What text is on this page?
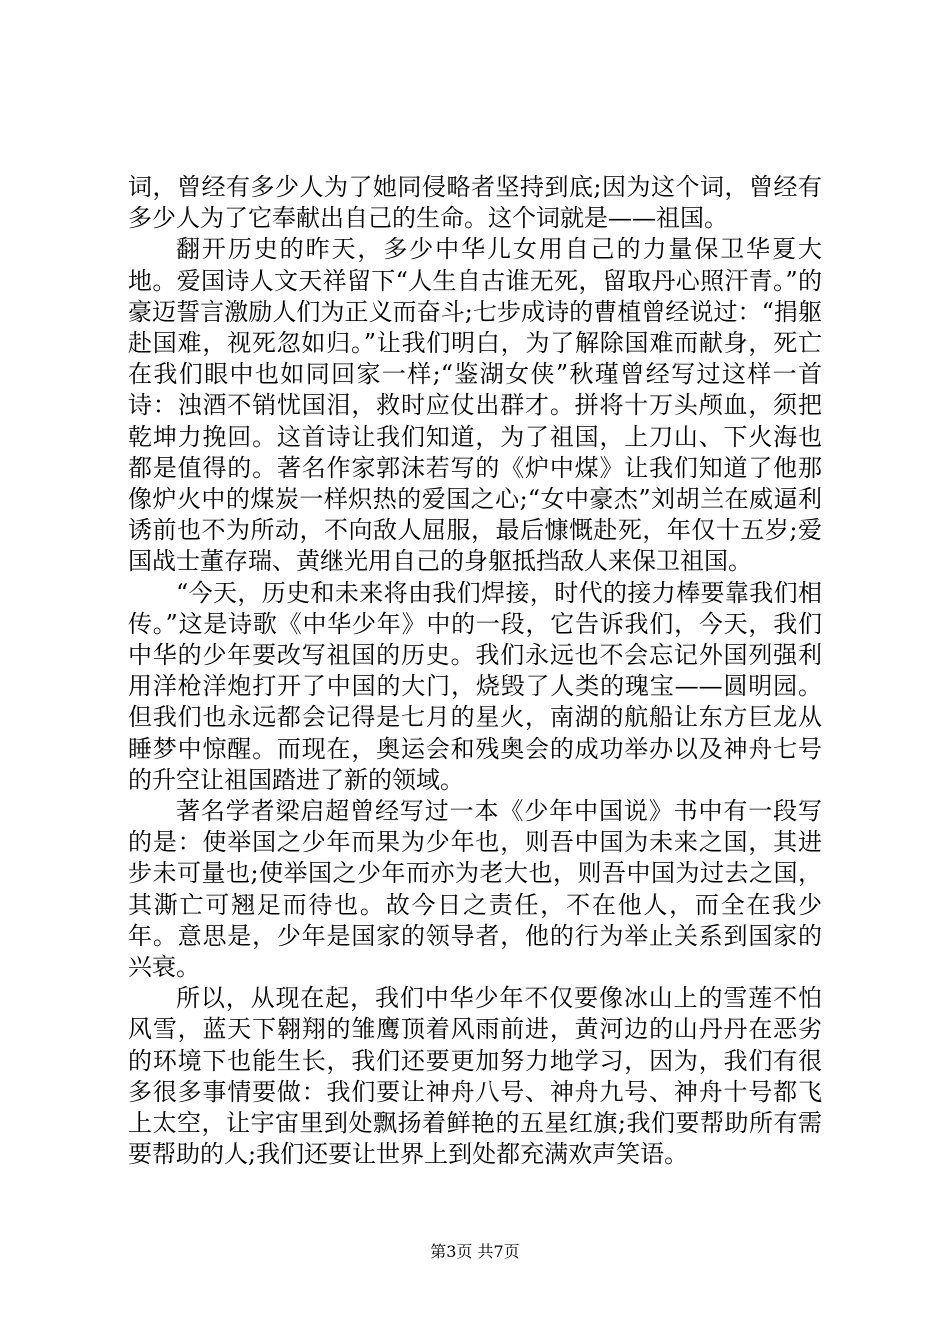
词，曾经有多少人为了她同侵略者坚持到底;因为这个词，曾经有多少人为了它奉献出自己的生命。这个词就是——祖国。

翻开历史的昨天，多少中华儿女用自己的力量保卫华夏大地。爱国诗人文天祥留下“人生自古谁无死，留取丹心照汗青。”的豪迈誓言激励人们为正义而奋斗;七步成诗的曹植曾经说过：“捐躯赴国难，视死忽如归。”让我们明白，为了解除国难而献身，死亡在我们眼中也如同回家一样;“鉴湖女侠”秋瑾曾经写过这样一首诗：浊酒不销忧国泪，救时应仗出群才。拼将十万头颅血，须把乾坤力挽回。这首诗让我们知道，为了祖国，上刀山、下火海也都是值得的。著名作家郭沫若写的《炉中煤》让我们知道了他那像炉火中的煤炭一样炽热的爱国之心;“女中豪杰”刘胡兰在威逼利诱前也不为所动，不向敌人屈服，最后慷慨赴死，年仅十五岁;爱国战士董存瑞、黄继光用自己的身躯抵挡敌人来保卫祖国。

“今天，历史和未来将由我们焊接，时代的接力棒要靠我们相传。”这是诗歌《中华少年》中的一段，它告诉我们，今天，我们中华的少年要改写祖国的历史。我们永远也不会忘记外国列强利用洋枪洋炮打开了中国的大门，烧毁了人类的瑰宝——圆明园。但我们也永远都会记得是七月的星火，南湖的航船让东方巨龙从睡梦中惊醒。而现在，奥运会和残奥会的成功举办以及神舟七号的升空让祖国踏进了新的领域。

著名学者梁启超曾经写过一本《少年中国说》书中有一段写的是：使举国之少年而果为少年也，则吾中国为未来之国，其进步未可量也;使举国之少年而亦为老大也，则吾中国为过去之国，其澌亡可翘足而待也。故今日之责任，不在他人，而全在我少年。意思是，少年是国家的领导者，他的行为举止关系到国家的兴衰。

所以，从现在起，我们中华少年不仅要像冰山上的雪莲不怕风雪，蓝天下翱翔的雏鹰顶着风雨前进，黄河边的山丹丹在恶劣的环境下也能生长，我们还要更加努力地学习，因为，我们有很多很多事情要做：我们要让神舟八号、神舟九号、神舟十号都飞上太空，让宇宙里到处飘扬着鲜艳的五星红旗;我们要帮助所有需要帮助的人;我们还要让世界上到处都充满欢声笑语。

第3页 共7页
